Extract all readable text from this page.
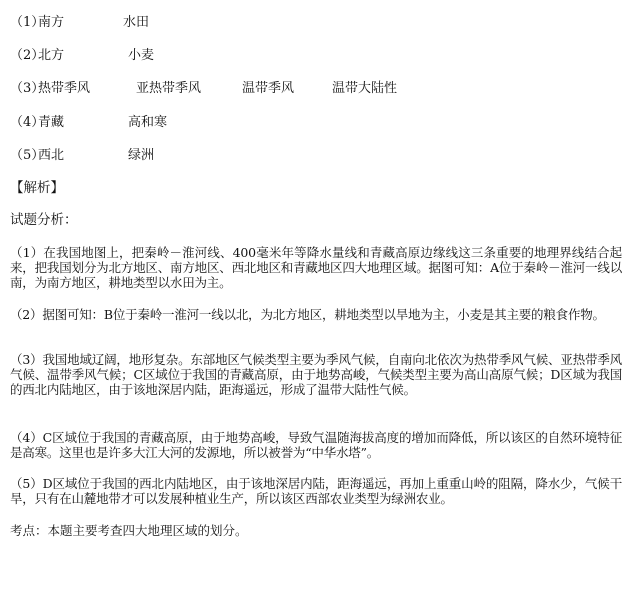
（1）
南方	水田
（2）
北方	小麦
（3）
热带季风	亚热带季风	温带季风	温带大陆性
（4）
青藏	高和寒
（5）
西北	绿洲
【解析】
试题分析：
（1）在我国地图上，把秦岭－淮河线、400毫米年等降水量线和青藏高原边缘线这三条重要的地理界线结合起来，把我国划分为北方地区、南方地区、西北地区和青藏地区四大地理区域。据图可知：A位于秦岭－淮河一线以南，为南方地区，耕地类型以水田为主。
（2）据图可知：B位于秦岭一淮河一线以北，为北方地区，耕地类型以旱地为主，小麦是其主要的粮食作物。
（3）我国地域辽阔，地形复杂。东部地区气候类型主要为季风气候，自南向北依次为热带季风气候、亚热带季风气候、温带季风气候；C区域位于我国的青藏高原，由于地势高峻，气候类型主要为高山高原气候；D区域为我国的西北内陆地区，由于该地深居内陆，距海遥远，形成了温带大陆性气候。
（4）C区域位于我国的青藏高原，由于地势高峻，导致气温随海拔高度的增加而降低，所以该区的自然环境特征是高寒。这里也是许多大江大河的发源地，所以被誉为“中华水塔”。
（5）D区域位于我国的西北内陆地区，由于该地深居内陆，距海遥远，再加上重重山岭的阻隔，降水少，气候干旱，只有在山麓地带才可以发展种植业生产，所以该区西部农业类型为绿洲农业。
考点：本题主要考查四大地理区域的划分。
